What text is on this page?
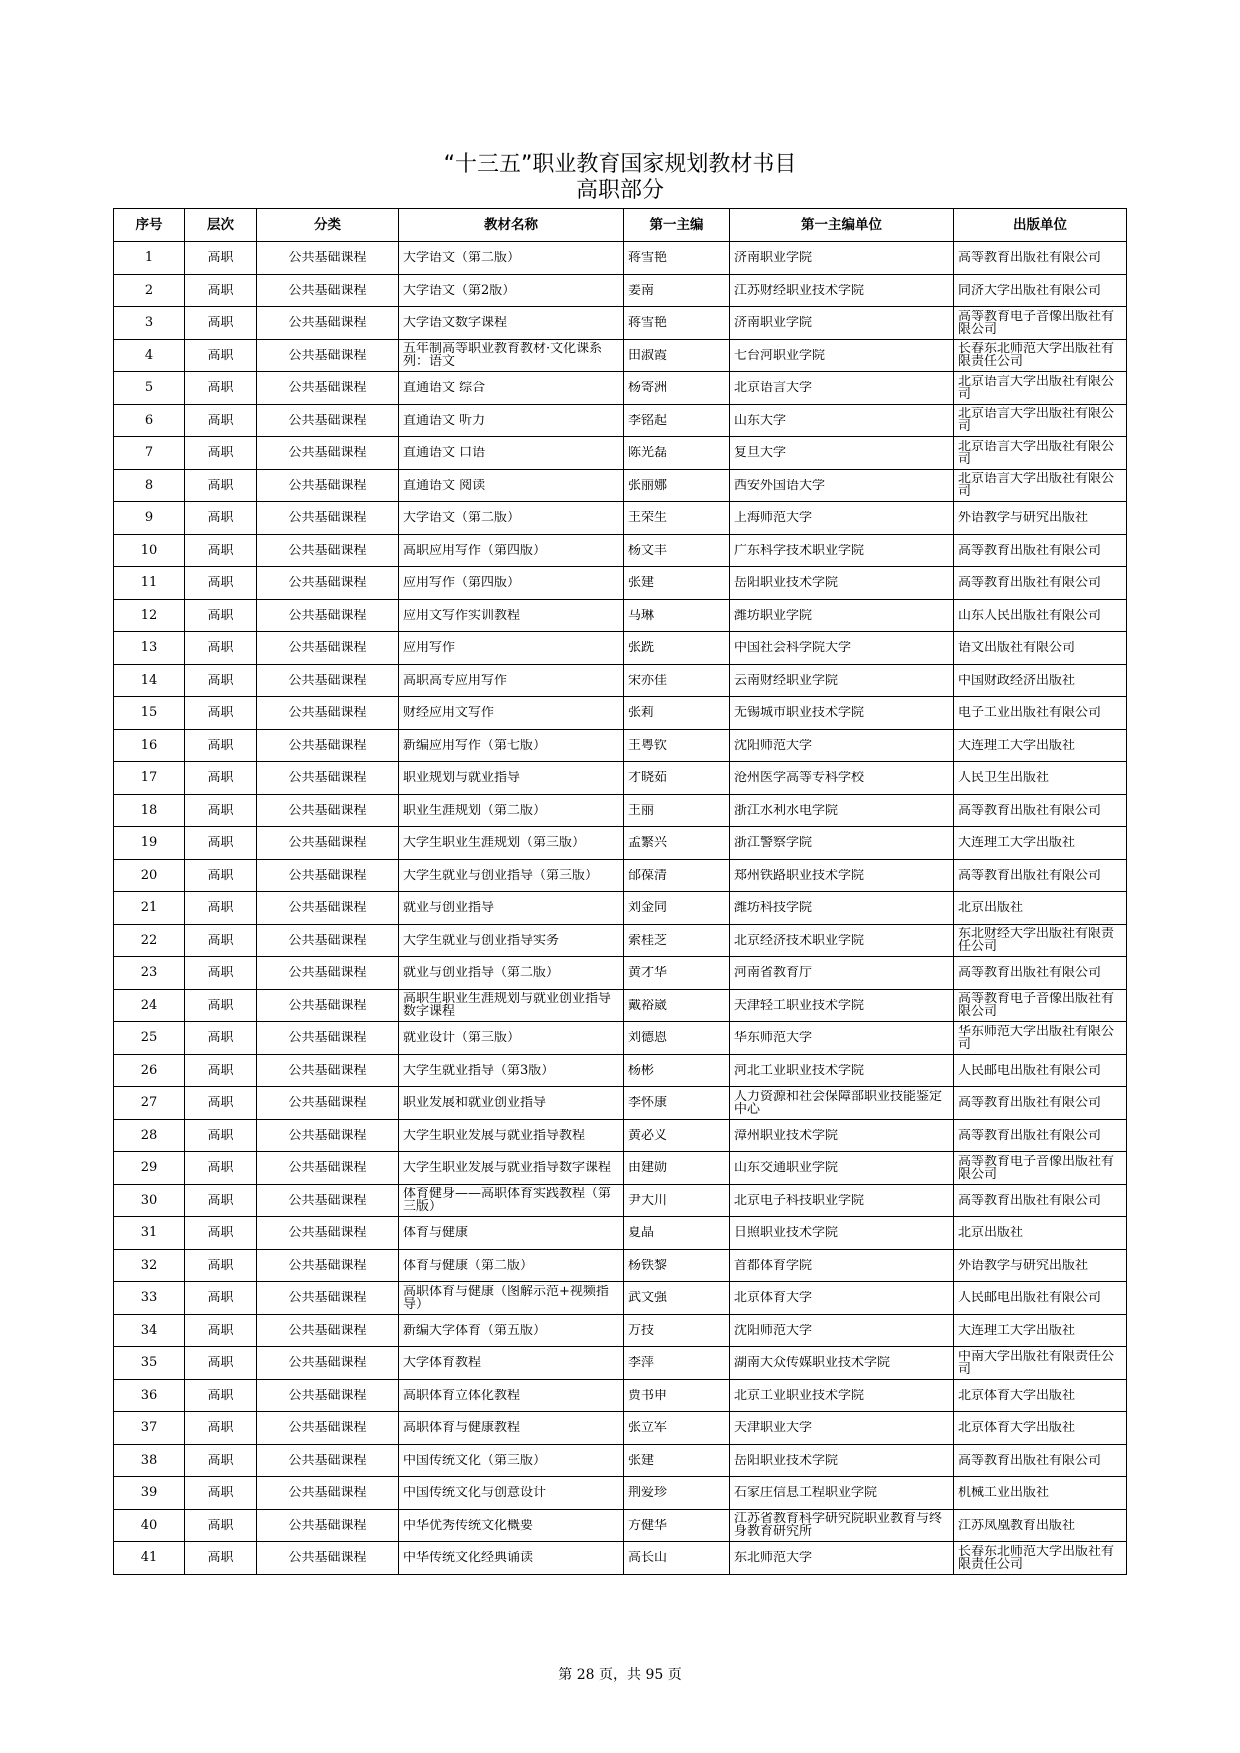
“十三五”职业教育国家规划教材书目
高职部分
序号	层次	分类	教材名称	第一主编	第一主编单位	出版单位

1	高职	公共基础课程	大学语文（第二版）	蒋雪艳	济南职业学院	高等教育出版社有限公司

2	高职	公共基础课程	大学语文（第2版）	姜南	江苏财经职业技术学院	同济大学出版社有限公司

3	高职	公共基础课程	大学语文数字课程	蒋雪艳	济南职业学院	高等教育电子音像出版社有限公司

4	高职	公共基础课程	五年制高等职业教育教材·文化课系列：语文	田淑霞	七台河职业学院	长春东北师范大学出版社有限责任公司

5	高职	公共基础课程	直通语文 综合	杨寄洲	北京语言大学	北京语言大学出版社有限公司

6	高职	公共基础课程	直通语文 听力	李铭起	山东大学	北京语言大学出版社有限公司

7	高职	公共基础课程	直通语文 口语	陈光磊	复旦大学	北京语言大学出版社有限公司

8	高职	公共基础课程	直通语文 阅读	张丽娜	西安外国语大学	北京语言大学出版社有限公司

9	高职	公共基础课程	大学语文（第二版）	王荣生	上海师范大学	外语教学与研究出版社

10	高职	公共基础课程	高职应用写作（第四版）	杨文丰	广东科学技术职业学院	高等教育出版社有限公司

11	高职	公共基础课程	应用写作（第四版）	张建	岳阳职业技术学院	高等教育出版社有限公司

12	高职	公共基础课程	应用文写作实训教程	马琳	潍坊职业学院	山东人民出版社有限公司

13	高职	公共基础课程	应用写作	张跣	中国社会科学院大学	语文出版社有限公司

14	高职	公共基础课程	高职高专应用写作	宋亦佳	云南财经职业学院	中国财政经济出版社

15	高职	公共基础课程	财经应用文写作	张莉	无锡城市职业技术学院	电子工业出版社有限公司

16	高职	公共基础课程	新编应用写作（第七版）	王粤钦	沈阳师范大学	大连理工大学出版社

17	高职	公共基础课程	职业规划与就业指导	才晓茹	沧州医学高等专科学校	人民卫生出版社

18	高职	公共基础课程	职业生涯规划（第二版）	王丽	浙江水利水电学院	高等教育出版社有限公司

19	高职	公共基础课程	大学生职业生涯规划（第三版）	孟繁兴	浙江警察学院	大连理工大学出版社

20	高职	公共基础课程	大学生就业与创业指导（第三版）	邰葆清	郑州铁路职业技术学院	高等教育出版社有限公司

21	高职	公共基础课程	就业与创业指导	刘金同	潍坊科技学院	北京出版社

22	高职	公共基础课程	大学生就业与创业指导实务	索桂芝	北京经济技术职业学院	东北财经大学出版社有限责任公司

23	高职	公共基础课程	就业与创业指导（第二版）	黄才华	河南省教育厅	高等教育出版社有限公司

24	高职	公共基础课程	高职生职业生涯规划与就业创业指导数字课程	戴裕崴	天津轻工职业技术学院	高等教育电子音像出版社有限公司

25	高职	公共基础课程	就业设计（第三版）	刘德恩	华东师范大学	华东师范大学出版社有限公司

26	高职	公共基础课程	大学生就业指导（第3版）	杨彬	河北工业职业技术学院	人民邮电出版社有限公司

27	高职	公共基础课程	职业发展和就业创业指导	李怀康	人力资源和社会保障部职业技能鉴定中心	高等教育出版社有限公司

28	高职	公共基础课程	大学生职业发展与就业指导教程	黄必义	漳州职业技术学院	高等教育出版社有限公司

29	高职	公共基础课程	大学生职业发展与就业指导数字课程	由建勋	山东交通职业学院	高等教育电子音像出版社有限公司

30	高职	公共基础课程	体育健身——高职体育实践教程（第三版）	尹大川	北京电子科技职业学院	高等教育出版社有限公司

31	高职	公共基础课程	体育与健康	夏晶	日照职业技术学院	北京出版社

32	高职	公共基础课程	体育与健康（第二版）	杨铁黎	首都体育学院	外语教学与研究出版社

33	高职	公共基础课程	高职体育与健康（图解示范+视频指导）	武文强	北京体育大学	人民邮电出版社有限公司

34	高职	公共基础课程	新编大学体育（第五版）	万技	沈阳师范大学	大连理工大学出版社

35	高职	公共基础课程	大学体育教程	李萍	湖南大众传媒职业技术学院	中南大学出版社有限责任公司

36	高职	公共基础课程	高职体育立体化教程	贾书申	北京工业职业技术学院	北京体育大学出版社

37	高职	公共基础课程	高职体育与健康教程	张立军	天津职业大学	北京体育大学出版社

38	高职	公共基础课程	中国传统文化（第三版）	张建	岳阳职业技术学院	高等教育出版社有限公司

39	高职	公共基础课程	中国传统文化与创意设计	荆爱珍	石家庄信息工程职业学院	机械工业出版社

40	高职	公共基础课程	中华优秀传统文化概要	方健华	江苏省教育科学研究院职业教育与终身教育研究所	江苏凤凰教育出版社

41	高职	公共基础课程	中华传统文化经典诵读	高长山	东北师范大学	长春东北师范大学出版社有限责任公司
第 28 页，共 95 页
